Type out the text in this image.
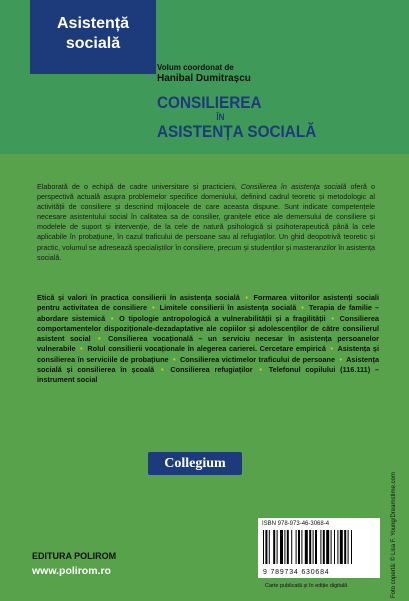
Asistență
socială
Volum coordonat de
Hanibal Dumitrașcu
CONSILIEREA
ÎN
ASISTENȚA SOCIALĂ

Elaborată de o echipă de cadre universitare și practicieni, Consilierea în asistența socială oferă o perspectivă actuală asupra problemelor specifice domeniului, definind cadrul teoretic și metodologic al activității de consiliere și descriind mijloacele de care aceasta dispune. Sunt indicate competențele necesare asistentului social în calitatea sa de consilier, granițele etice ale demersului de consiliere și modelele de suport și intervenție, de la cele de natură psihologică și psihoterapeutică până la cele aplicabile în probațiune, în cazul traficului de persoane sau al refugiaților. Un ghid deopotrivă teoretic și practic, volumul se adresează specialiștilor în consiliere, precum și studenților și masteranzilor în asistența socială.

Etică și valori în practica consilierii în asistența socială • Formarea viitorilor asistenți sociali pentru activitatea de consiliere • Limitele consilierii în asistența socială • Terapia de familie – abordare sistemică • O tipologie antropologică a vulnerabilității și a fragilității • Consilierea comportamentelor dispoziționale-dezadaptative ale copiilor și adolescenților de către consilierul asistent social • Consilierea vocațională – un serviciu necesar în asistența persoanelor vulnerabile • Rolul consilierii vocaționale în alegerea carierei. Cercetare empirică • Asistența și consilierea în serviciile de probațiune • Consilierea victimelor traficului de persoane • Asistența socială și consilierea în școală • Consilierea refugiaților • Telefonul copilului (116.111) – instrument social
Collegium
EDITURA POLIROM
www.polirom.ro
ISBN 978-973-46-3068-4
9 789734 630684
Carte publicată și în ediție digitală	Foto copertă: © Lisa F. Young/Dreamstime.com
